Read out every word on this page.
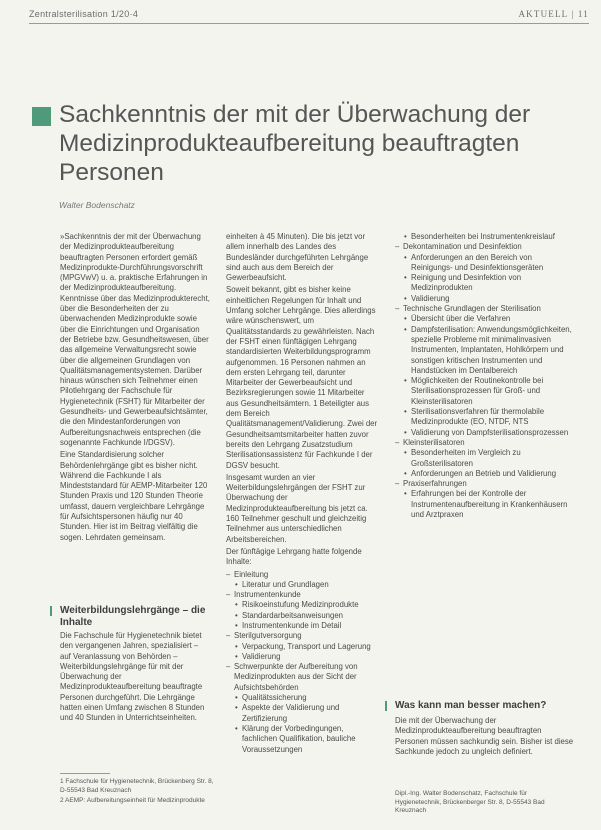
Zentralsterilisation 1/20·4	AKTUELL | 11
Sachkenntnis der mit der Überwachung der Medizinprodukteaufbereitung beauftragten Personen
Walter Bodenschatz

»Sachkenntnis der mit der Überwachung der Medizinprodukteaufbereitung beauftragten Personen erfordert gemäß Medizinprodukte-Durchführungsvorschrift (MPGVwV) u. a. praktische Erfahrungen in der Medizinprodukteaufbereitung. Kenntnisse über das Medizinprodukterecht, über die Besonderheiten der zu überwachenden Medizinprodukte sowie über die Einrichtungen und Organisation der Betriebe bzw. Gesundheitswesen, über das allgemeine Verwaltungsrecht sowie über die allgemeinen Grundlagen von Qualitätsmanagementsystemen. Darüber hinaus wünschen sich Teilnehmer einen Pilotlehrgang der Fachschule für Hygienetechnik (FSHT) für Mitarbeiter der Gesundheits- und Gewerbeaufsichtsämter, die den Mindestanforderungen von Aufbereitungsnachweis entsprechen (die sogenannte Fachkunde I/DGSV).

Eine Standardisierung solcher Behördenlehrgänge gibt es bisher nicht. Während die Fachkunde I als Mindeststandard für AEMP-Mitarbeiter 120 Stunden Praxis und 120 Stunden Theorie umfasst, dauern vergleichbare Lehrgänge für Aufsichtspersonen häufig nur 40 Stunden. Hier ist im Beitrag vielfältig die sogen. Lehrdaten gemeinsam.

Weiterbildungslehrgänge – die Inhalte

Die Fachschule für Hygienetechnik bietet den vergangenen Jahren, spezialisiert – auf Veranlassung von Behörden – Weiterbildungslehrgänge für mit der Überwachung der Medizinprodukteaufbereitung beauftragte Personen durchgeführt. Die Lehrgänge hatten einen Umfang zwischen 8 Stunden und 40 Stunden in Unterrichtseinheiten.

einheiten à 45 Minuten). Die bis jetzt vor allem innerhalb des Landes des Bundesländer durchgeführten Lehrgänge sind auch aus dem Bereich der Gewerbeaufsicht.

Soweit bekannt, gibt es bisher keine einheitlichen Regelungen für Inhalt und Umfang solcher Lehrgänge. Dies allerdings wäre wünschenswert, um Qualitätsstandards zu gewährleisten. Nach der FSHT einen fünftägigen Lehrgang standardisierten Weiterbildungsprogramm aufgenommen. 16 Personen nahmen an dem ersten Lehrgang teil, darunter Mitarbeiter der Gewerbeaufsicht und Bezirksregierungen sowie 11 Mitarbeiter aus Gesundheitsämtern. 1 Beteiligter aus dem Bereich Qualitätsmanagement/Validierung. Zwei der Gesundheitsamtsmitarbeiter hatten zuvor bereits den Lehrgang Zusatzstudium Sterilisationsassistenz für Fachkunde I der DGSV besucht.

Insgesamt wurden an vier Weiterbildungslehrgängen der FSHT zur Überwachung der Medizinprodukteaufbereitung bis jetzt ca. 160 Teilnehmer geschult und gleichzeitig Teilnehmer aus unterschiedlichen Arbeitsbereichen.

Der fünftägige Lehrgang hatte folgende Inhalte:

– Einleitung
• Literatur und Grundlagen
– Instrumentenkunde
• Risikoeinstufung Medizinprodukte
• Standardarbeitsanweisungen
• Instrumentenkunde im Detail
– Sterilgutversorgung
• Verpackung, Transport und Lagerung
• Validierung
– Schwerpunkte der Aufbereitung von Medizinprodukten aus der Sicht der Aufsichtsbehörden
• Qualitätssicherung
• Aspekte der Validierung und Zertifizierung
• Klärung der Vorbedingungen, fachlichen Qualifikation, bauliche Voraussetzungen
• Besonderheiten bei Instrumentenkreislauf
– Dekontamination und Desinfektion
• Anforderungen an den Bereich von Reinigungs- und Desinfektionsgeräten
• Reinigung und Desinfektion von Medizinprodukten
• Validierung
– Technische Grundlagen der Sterilisation
• Übersicht über die Verfahren
• Dampfsterilisation: Anwendungsmöglichkeiten, spezielle Probleme mit minimalinvasiven Instrumenten, Implantaten, Hohlkörpern und sonstigen kritischen Instrumenten und Handstücken im Dentalbereich
• Möglichkeiten der Routinekontrolle bei Sterilisationsprozessen für Groß- und Kleinsterilisatoren
• Sterilisationsverfahren für thermolabile Medizinprodukte (EO, NTDF, NTS
• Validierung von Dampfsterilisationsprozessen
– Kleinsterilisatoren
• Besonderheiten im Vergleich zu Großsterilisatoren
• Anforderungen an Betrieb und Validierung
– Praxiserfahrungen
• Erfahrungen bei der Kontrolle der Instrumentenaufbereitung in Krankenhäusern und Arztpraxen
Was kann man besser machen?

Die mit der Überwachung der Medizinprodukteaufbereitung beauftragten Personen müssen sachkundig sein. Bisher ist diese Sachkunde jedoch zu ungleich definiert.

1 Fachschule für Hygienetechnik, Brückenberg Str. 8, D-55543 Bad Kreuznach
2 AEMP: Aufbereitungseinheit für Medizinprodukte
Dipl.-Ing. Walter Bodenschatz, Fachschule für Hygienetechnik, Brückenberger Str. 8, D-55543 Bad Kreuznach
